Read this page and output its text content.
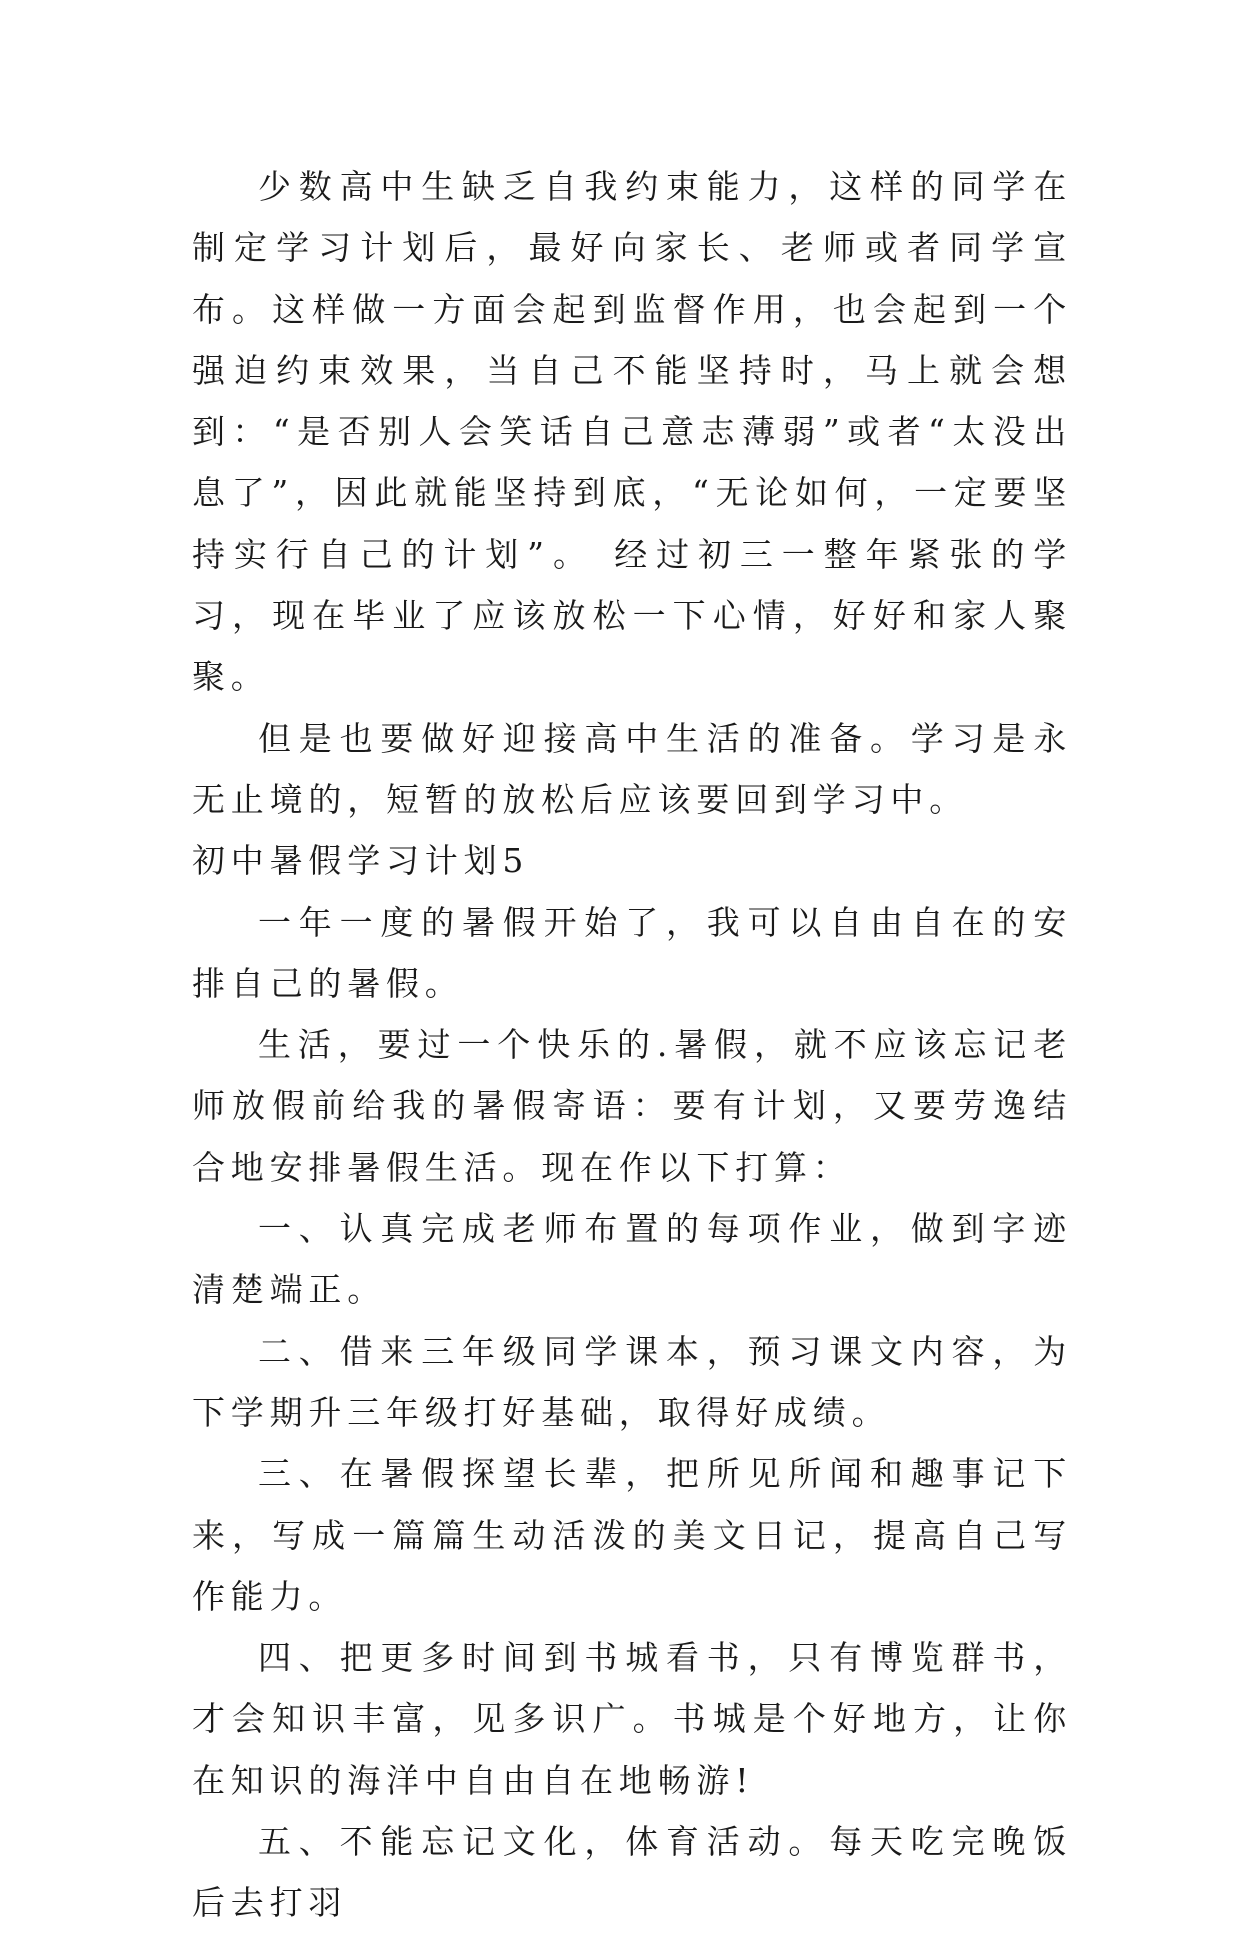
少数高中生缺乏自我约束能力，这样的同学在制定学习计划后，最好向家长、老师或者同学宣布。这样做一方面会起到监督作用，也会起到一个强迫约束效果，当自己不能坚持时，马上就会想到：“是否别人会笑话自己意志薄弱”或者“太没出息了”，因此就能坚持到底，“无论如何，一定要坚持实行自己的计划”。 经过初三一整年紧张的学习，现在毕业了应该放松一下心情，好好和家人聚聚。

但是也要做好迎接高中生活的准备。学习是永无止境的，短暂的放松后应该要回到学习中。

初中暑假学习计划5

一年一度的暑假开始了，我可以自由自在的安排自己的暑假。

生活，要过一个快乐的.暑假，就不应该忘记老师放假前给我的暑假寄语：要有计划，又要劳逸结合地安排暑假生活。现在作以下打算：

一、认真完成老师布置的每项作业，做到字迹清楚端正。

二、借来三年级同学课本，预习课文内容，为下学期升三年级打好基础，取得好成绩。

三、在暑假探望长辈，把所见所闻和趣事记下来，写成一篇篇生动活泼的美文日记，提高自己写作能力。

四、把更多时间到书城看书，只有博览群书，才会知识丰富，见多识广。书城是个好地方，让你在知识的海洋中自由自在地畅游!

五、不能忘记文化，体育活动。每天吃完晚饭后去打羽
